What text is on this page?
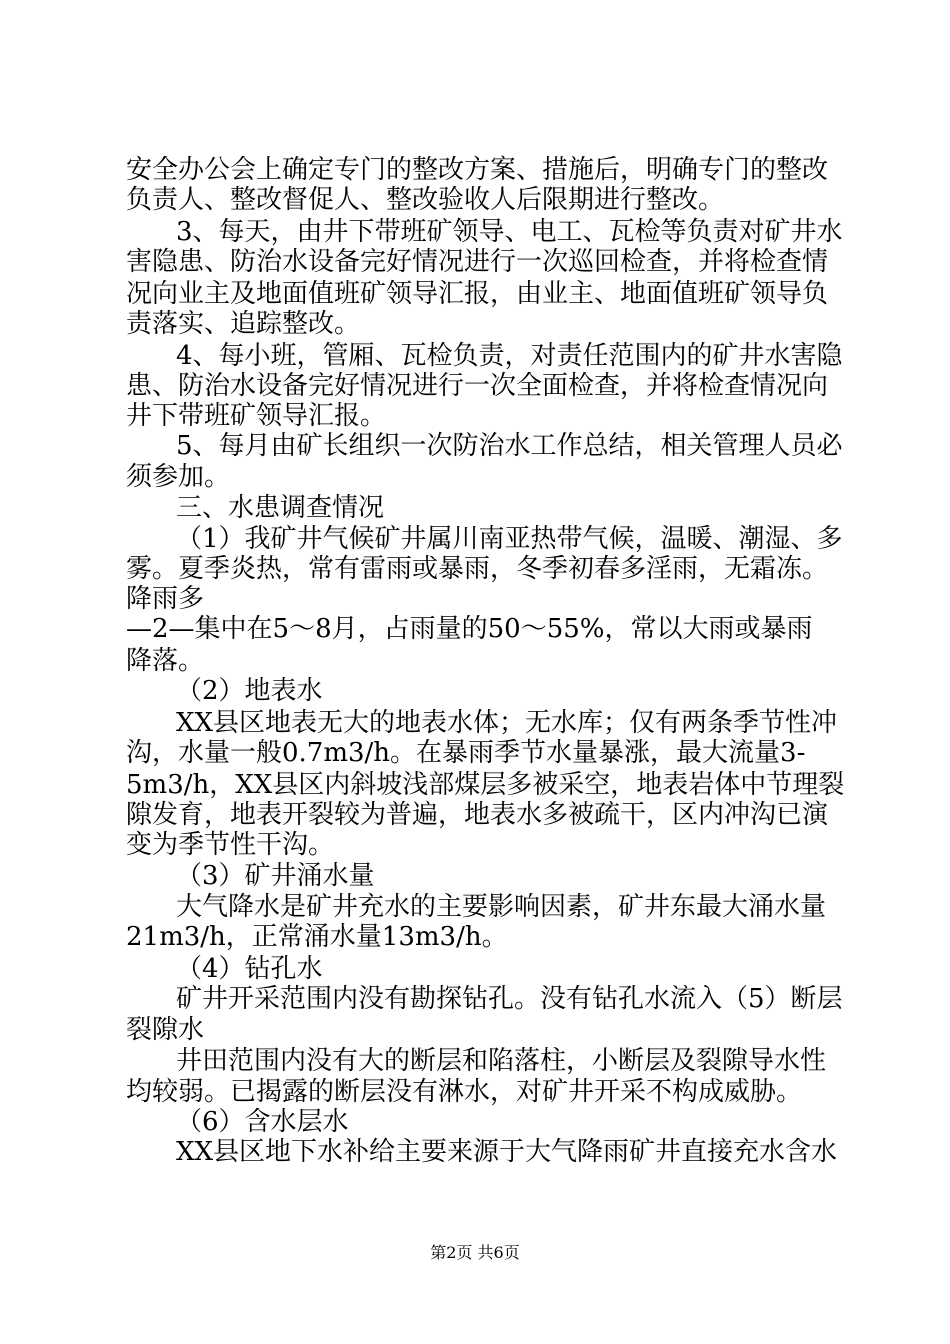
安全办公会上确定专门的整改方案、措施后，明确专门的整改
负责人、整改督促人、整改验收人后限期进行整改。
3、每天，由井下带班矿领导、电工、瓦检等负责对矿井水
害隐患、防治水设备完好情况进行一次巡回检查，并将检查情
况向业主及地面值班矿领导汇报，由业主、地面值班矿领导负
责落实、追踪整改。
4、每小班，管厢、瓦检负责，对责任范围内的矿井水害隐
患、防治水设备完好情况进行一次全面检查，并将检查情况向
井下带班矿领导汇报。
5、每月由矿长组织一次防治水工作总结，相关管理人员必
须参加。
三、水患调查情况
（1）我矿井气候矿井属川南亚热带气候，温暖、潮湿、多
雾。夏季炎热，常有雷雨或暴雨，冬季初春多淫雨，无霜冻。
降雨多
—2—集中在5～8月，占雨量的50～55%，常以大雨或暴雨
降落。
（2）地表水
XX县区地表无大的地表水体；无水库；仅有两条季节性冲
沟，水量一般0.7m3/h。在暴雨季节水量暴涨，最大流量3-
5m3/h，XX县区内斜坡浅部煤层多被采空，地表岩体中节理裂
隙发育，地表开裂较为普遍，地表水多被疏干，区内冲沟已演
变为季节性干沟。
（3）矿井涌水量
大气降水是矿井充水的主要影响因素，矿井东最大涌水量
21m3/h，正常涌水量13m3/h。
（4）钻孔水
矿井开采范围内没有勘探钻孔。没有钻孔水流入（5）断层
裂隙水
井田范围内没有大的断层和陷落柱，小断层及裂隙导水性
均较弱。已揭露的断层没有淋水，对矿井开采不构成威胁。
（6）含水层水
XX县区地下水补给主要来源于大气降雨矿井直接充水含水
第2页 共6页
